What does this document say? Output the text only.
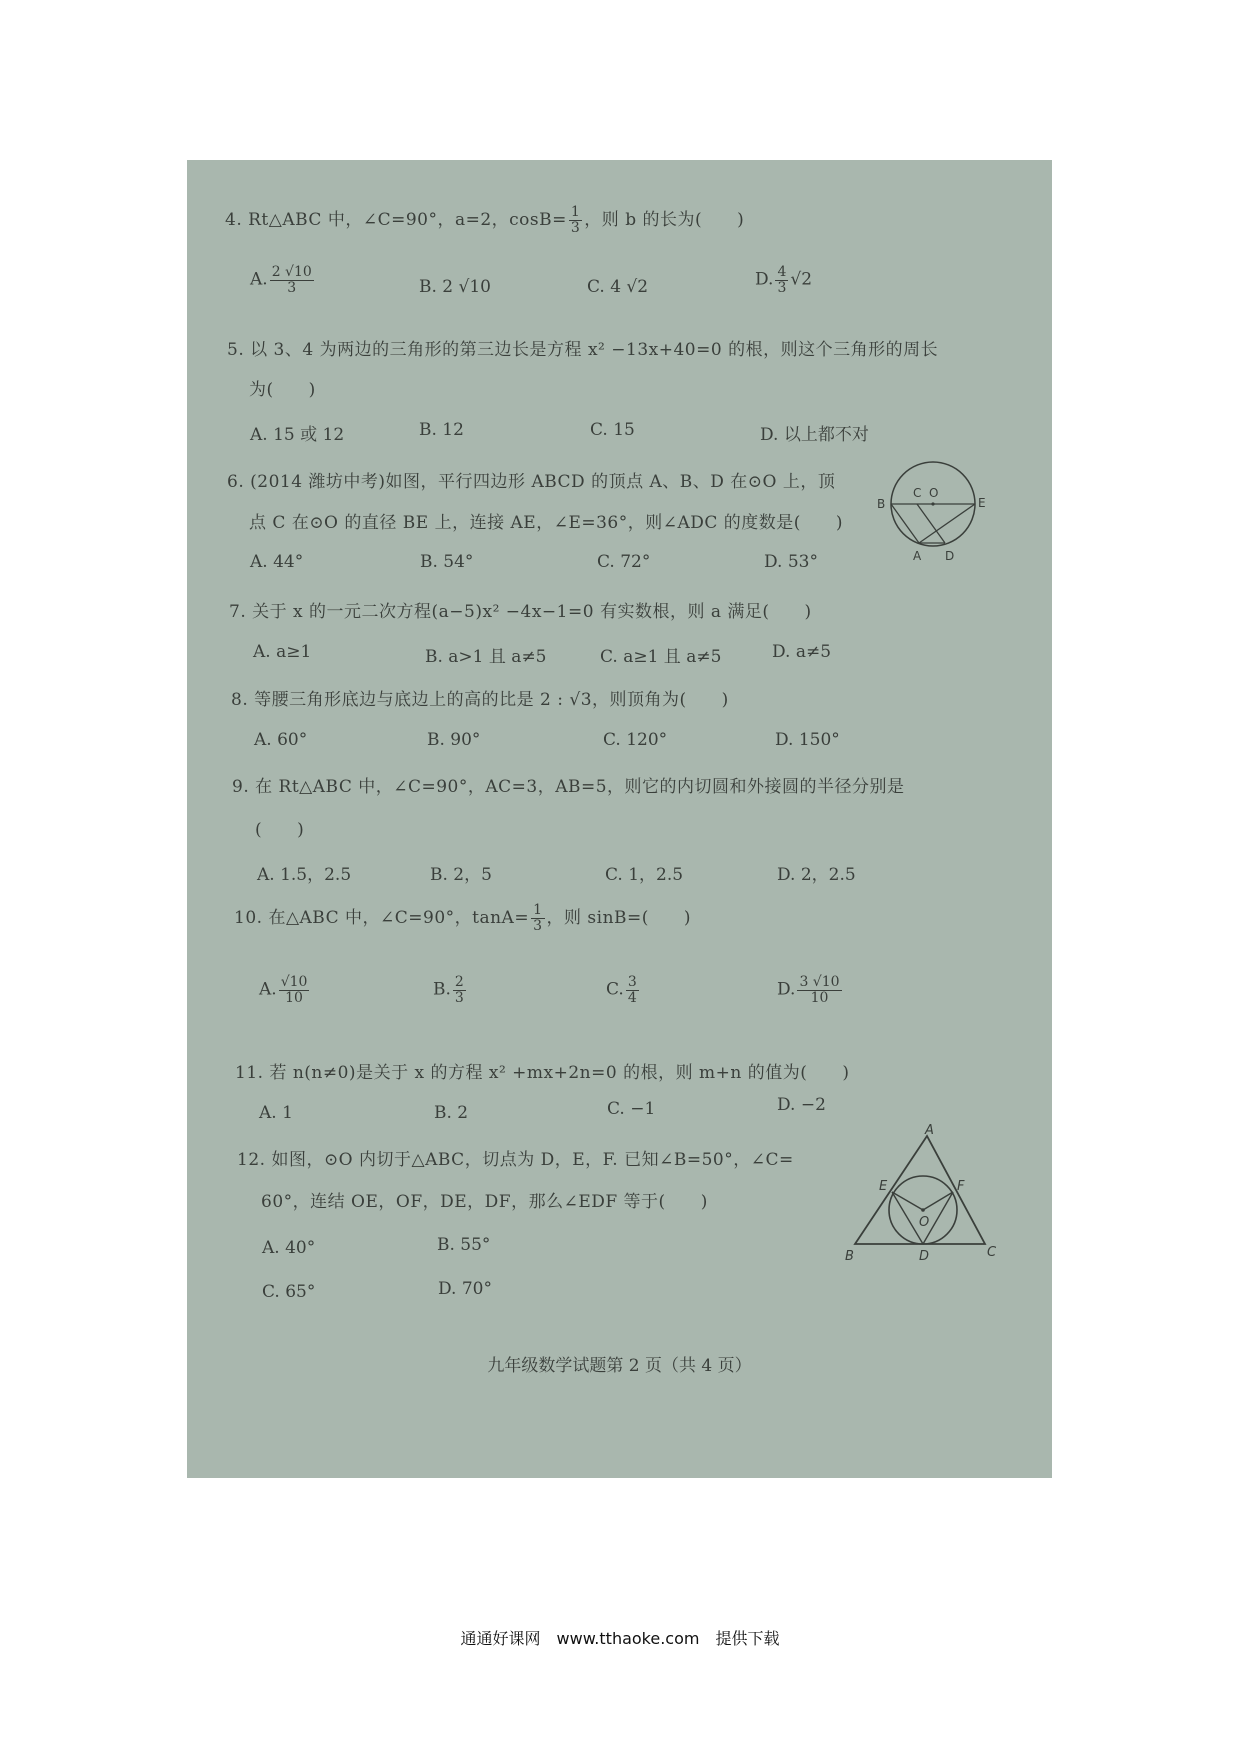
4. Rt△ABC 中，∠C=90°，a=2，$\cos B= \frac{1}{3}$ ，则 b 的长为(　　)
A. $\frac{2 √10}{3}$	B. 2 √10	C. 4 √2	D. $\frac{4}{3} √2$
5. 以 3、4 为两边的三角形的第三边长是方程 x² −13x+40=0 的根，则这个三角形的周长
为(　　)
A. 15 或 12	B. 12	C. 15	D. 以上都不对
6. (2014 潍坊中考)如图，平行四边形 ABCD 的顶点 A、B、D 在⊙O 上，顶
点 C 在⊙O 的直径 BE 上，连接 AE，∠E=36°，则∠ADC 的度数是(　　)
A. 44°	B. 54°	C. 72°	D. 53°
B
C O
E
A D
7. 关于 x 的一元二次方程(a−5)x² −4x−1=0 有实数根，则 a 满足(　　)
A. a≥1	B. a>1 且 a≠5	C. a≥1 且 a≠5	D. a≠5
8. 等腰三角形底边与底边上的高的比是 2 : √3，则顶角为(　　)
A. 60°	B. 90°	C. 120°	D. 150°
9. 在 Rt△ABC 中，∠C=90°，AC=3，AB=5，则它的内切圆和外接圆的半径分别是
(　　)
A. 1.5，2.5	B. 2，5	C. 1，2.5	D. 2，2.5
10. 在△ABC 中，∠C=90°，$\tan A= \frac{1}{3}$ ，则 sinB=(　　)
A. $\frac{√10}{10}$	B. $\frac{2}{3}$	C. $\frac{3}{4}$	D. $\frac{3 √10}{10}$
11. 若 n(n≠0)是关于 x 的方程 x² +mx+2n=0 的根，则 m+n 的值为(　　)
A. 1	B. 2	C. −1	D. −2
12. 如图，⊙O 内切于△ABC，切点为 D，E，F. 已知∠B=50°，∠C=
60°，连结 OE，OF，DE，DF，那么∠EDF 等于(　　)
A. 40°	B. 55°
C. 65°	D. 70°
A
B	C
D
E	F
O
九年级数学试题第 2 页（共 4 页）
通通好课网　www.tthaoke.com　提供下载
